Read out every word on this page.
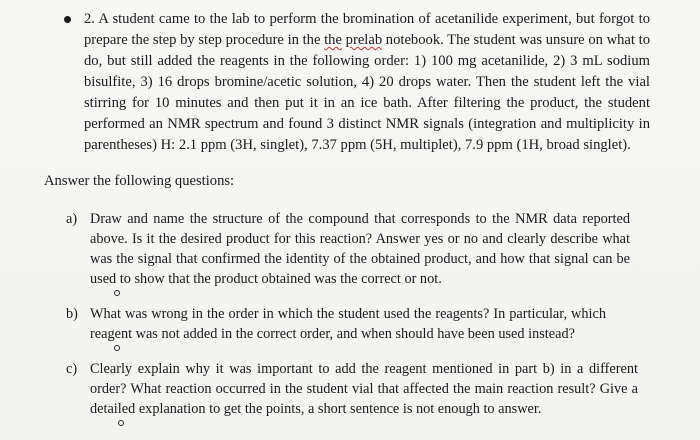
2. A student came to the lab to perform the bromination of acetanilide experiment, but forgot to prepare the step by step procedure in the the prelab notebook. The student was unsure on what to do, but still added the reagents in the following order: 1) 100 mg acetanilide, 2) 3 mL sodium bisulfite, 3) 16 drops bromine/acetic solution, 4) 20 drops water. Then the student left the vial stirring for 10 minutes and then put it in an ice bath. After filtering the product, the student performed an NMR spectrum and found 3 distinct NMR signals (integration and multiplicity in parentheses) H: 2.1 ppm (3H, singlet), 7.37 ppm (5H, multiplet), 7.9 ppm (1H, broad singlet).
Answer the following questions:
a) Draw and name the structure of the compound that corresponds to the NMR data reported above. Is it the desired product for this reaction? Answer yes or no and clearly describe what was the signal that confirmed the identity of the obtained product, and how that signal can be used to show that the product obtained was the correct or not.
b) What was wrong in the order in which the student used the reagents? In particular, which reagent was not added in the correct order, and when should have been used instead?
c) Clearly explain why it was important to add the reagent mentioned in part b) in a different order? What reaction occurred in the student vial that affected the main reaction result? Give a detailed explanation to get the points, a short sentence is not enough to answer.
